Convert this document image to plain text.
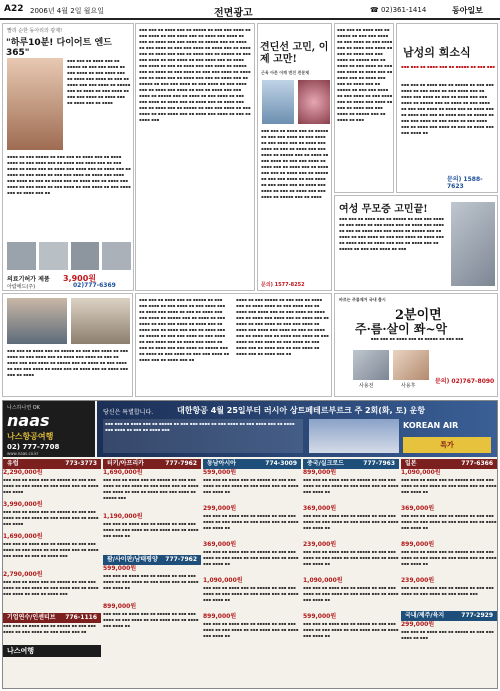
A22 2006년 4월 2일 월요일	전면광고	☎ 02)361-1414	동아일보
빨리 순한 동아리의 광제!
"하루10분! 다이어트 엔드365"
▪▪▪ ▪▪▪ ▪▪ ▪▪▪▪ ▪▪▪ ▪▪ ▪▪▪▪▪ ▪▪ ▪▪▪ ▪▪▪ ▪▪▪▪ ▪▪ ▪▪▪ ▪▪▪▪ ▪▪ ▪▪▪ ▪▪▪▪ ▪▪▪ ▪▪ ▪▪▪▪ ▪▪▪ ▪▪▪▪ ▪▪ ▪▪▪ ▪▪ ▪▪▪▪ ▪▪▪ ▪▪▪ ▪▪▪▪ ▪▪ ▪▪▪▪▪ ▪▪▪ ▪▪ ▪▪▪▪ ▪▪ ▪▪▪ ▪▪▪▪ ▪▪ ▪▪▪ ▪▪▪ ▪▪▪▪ ▪▪ ▪▪▪▪ ▪▪▪ ▪▪ ▪▪▪▪ ▪▪▪ ▪▪ ▪▪▪▪
▪▪▪▪ ▪▪ ▪▪▪ ▪▪▪▪▪ ▪▪ ▪▪▪ ▪▪▪ ▪▪ ▪▪▪▪ ▪▪▪ ▪▪ ▪▪▪▪ ▪▪▪▪ ▪▪ ▪▪▪ ▪▪▪▪ ▪▪▪ ▪▪ ▪▪▪▪ ▪▪▪ ▪▪▪▪ ▪▪▪ ▪▪ ▪▪▪ ▪▪▪▪ ▪▪ ▪▪▪▪ ▪▪▪ ▪▪ ▪▪▪▪ ▪▪▪ ▪▪▪▪ ▪▪▪ ▪▪ ▪▪▪▪ ▪▪▪ ▪▪ ▪▪▪▪ ▪▪ ▪▪▪ ▪▪▪▪ ▪▪ ▪▪▪ ▪▪▪ ▪▪▪▪ ▪▪ ▪▪▪▪ ▪▪▪ ▪▪▪▪ ▪▪▪ ▪▪▪▪ ▪▪ ▪▪▪ ▪▪ ▪▪▪▪ ▪▪▪ ▪▪ ▪▪▪▪ ▪▪▪ ▪▪ ▪▪▪▪ ▪▪▪ ▪▪▪▪ ▪▪ ▪▪▪ ▪▪▪▪ ▪▪ ▪▪▪ ▪▪▪▪ ▪▪ ▪▪▪ ▪▪▪▪ ▪▪ ▪▪▪ ▪▪▪▪ ▪▪▪ ▪▪ ▪▪▪▪ ▪▪▪ ▪▪
의료기허가 제품 3,900원
아람에드(주)	02)777-6369
▪▪▪ ▪▪▪ ▪▪ ▪▪▪▪ ▪▪▪ ▪▪ ▪▪▪▪▪ ▪▪ ▪▪▪ ▪▪▪ ▪▪▪▪ ▪▪ ▪▪▪ ▪▪▪▪ ▪▪ ▪▪▪ ▪▪▪▪ ▪▪▪ ▪▪ ▪▪▪▪ ▪▪▪ ▪▪▪▪ ▪▪ ▪▪▪ ▪▪ ▪▪▪▪ ▪▪▪ ▪▪▪ ▪▪▪▪ ▪▪ ▪▪▪▪▪ ▪▪▪ ▪▪ ▪▪▪▪ ▪▪ ▪▪▪ ▪▪▪▪ ▪▪ ▪▪▪ ▪▪▪ ▪▪▪▪ ▪▪ ▪▪▪▪ ▪▪▪ ▪▪ ▪▪▪▪ ▪▪▪ ▪▪ ▪▪▪▪ ▪▪▪ ▪▪▪ ▪▪ ▪▪▪▪ ▪▪▪ ▪▪ ▪▪▪▪▪ ▪▪ ▪▪▪ ▪▪▪ ▪▪▪▪ ▪▪ ▪▪▪ ▪▪▪▪ ▪▪ ▪▪▪ ▪▪▪▪ ▪▪▪ ▪▪ ▪▪▪▪ ▪▪▪ ▪▪▪▪ ▪▪ ▪▪▪ ▪▪ ▪▪▪▪ ▪▪▪ ▪▪▪ ▪▪▪▪ ▪▪ ▪▪▪▪▪ ▪▪▪ ▪▪ ▪▪▪▪ ▪▪ ▪▪▪ ▪▪▪▪ ▪▪ ▪▪▪ ▪▪▪ ▪▪▪▪ ▪▪ ▪▪▪▪ ▪▪▪ ▪▪ ▪▪▪▪ ▪▪▪ ▪▪ ▪▪▪▪ ▪▪▪ ▪▪▪ ▪▪ ▪▪▪▪ ▪▪▪ ▪▪ ▪▪▪▪▪ ▪▪ ▪▪▪ ▪▪▪ ▪▪▪▪ ▪▪ ▪▪▪ ▪▪▪▪ ▪▪ ▪▪▪ ▪▪▪▪ ▪▪▪ ▪▪ ▪▪▪▪ ▪▪▪ ▪▪▪▪ ▪▪ ▪▪▪ ▪▪ ▪▪▪▪ ▪▪▪ ▪▪▪ ▪▪▪▪ ▪▪ ▪▪▪▪▪ ▪▪▪ ▪▪ ▪▪▪▪ ▪▪ ▪▪▪ ▪▪▪▪ ▪▪ ▪▪▪ ▪▪▪ ▪▪▪▪ ▪▪ ▪▪▪▪ ▪▪▪ ▪▪ ▪▪▪▪ ▪▪▪ ▪▪ ▪▪▪▪ ▪▪▪ ▪▪▪ ▪▪ ▪▪▪▪ ▪▪▪ ▪▪ ▪▪▪▪▪ ▪▪ ▪▪▪ ▪▪▪ ▪▪▪▪ ▪▪ ▪▪▪ ▪▪▪▪ ▪▪ ▪▪▪ ▪▪▪▪ ▪▪▪ ▪▪ ▪▪▪▪ ▪▪▪ ▪▪▪▪ ▪▪ ▪▪▪ ▪▪ ▪▪▪▪ ▪▪▪
견딘선 고민, 이제 고만!
근육 아픈 어깨 엔진 전문제
▪▪▪ ▪▪▪ ▪▪ ▪▪▪▪ ▪▪▪ ▪▪ ▪▪▪▪▪ ▪▪ ▪▪▪ ▪▪▪ ▪▪▪▪ ▪▪ ▪▪▪ ▪▪▪▪ ▪▪ ▪▪▪ ▪▪▪▪ ▪▪▪ ▪▪ ▪▪▪▪ ▪▪▪ ▪▪▪▪ ▪▪ ▪▪▪ ▪▪ ▪▪▪▪ ▪▪▪ ▪▪▪ ▪▪▪▪ ▪▪ ▪▪▪▪▪ ▪▪▪ ▪▪ ▪▪▪▪ ▪▪ ▪▪▪ ▪▪▪▪ ▪▪ ▪▪▪ ▪▪▪ ▪▪▪▪ ▪▪ ▪▪▪▪ ▪▪▪ ▪▪ ▪▪▪▪ ▪▪▪ ▪▪ ▪▪▪▪ ▪▪▪ ▪▪▪ ▪▪ ▪▪▪▪ ▪▪▪ ▪▪ ▪▪▪▪▪ ▪▪ ▪▪▪ ▪▪▪ ▪▪▪▪ ▪▪ ▪▪▪ ▪▪▪▪ ▪▪ ▪▪▪ ▪▪▪▪ ▪▪▪ ▪▪ ▪▪▪▪ ▪▪▪ ▪▪▪▪ ▪▪ ▪▪▪ ▪▪ ▪▪▪▪ ▪▪▪ ▪▪▪ ▪▪▪▪ ▪▪ ▪▪▪▪▪ ▪▪▪ ▪▪ ▪▪▪▪
문의) 1577-8252
▪▪▪ ▪▪▪ ▪▪ ▪▪▪▪ ▪▪▪ ▪▪ ▪▪▪▪▪ ▪▪ ▪▪▪ ▪▪▪ ▪▪▪▪ ▪▪ ▪▪▪ ▪▪▪▪ ▪▪ ▪▪▪ ▪▪▪▪ ▪▪▪ ▪▪ ▪▪▪▪ ▪▪▪ ▪▪▪▪ ▪▪ ▪▪▪ ▪▪ ▪▪▪▪ ▪▪▪ ▪▪▪ ▪▪▪▪ ▪▪ ▪▪▪▪▪ ▪▪▪ ▪▪ ▪▪▪▪ ▪▪ ▪▪▪ ▪▪▪▪ ▪▪ ▪▪▪ ▪▪▪ ▪▪▪▪ ▪▪ ▪▪▪▪ ▪▪▪ ▪▪ ▪▪▪▪ ▪▪▪ ▪▪ ▪▪▪▪ ▪▪▪ ▪▪▪ ▪▪ ▪▪▪▪ ▪▪▪ ▪▪ ▪▪▪▪▪ ▪▪ ▪▪▪ ▪▪▪ ▪▪▪▪ ▪▪ ▪▪▪ ▪▪▪▪ ▪▪ ▪▪▪ ▪▪▪▪ ▪▪▪ ▪▪ ▪▪▪▪ ▪▪▪ ▪▪▪▪ ▪▪ ▪▪▪ ▪▪ ▪▪▪▪ ▪▪▪ ▪▪▪ ▪▪▪▪ ▪▪ ▪▪▪▪▪ ▪▪▪ ▪▪ ▪▪▪▪ ▪▪ ▪▪▪
남성의 희소식
▪▪▪ ▪▪▪ ▪▪ ▪▪▪▪ ▪▪▪ ▪▪ ▪▪▪▪▪ ▪▪ ▪▪▪ ▪▪▪
▪▪▪ ▪▪▪ ▪▪ ▪▪▪▪ ▪▪▪ ▪▪ ▪▪▪▪▪ ▪▪ ▪▪▪ ▪▪▪ ▪▪▪▪ ▪▪ ▪▪▪ ▪▪▪▪ ▪▪ ▪▪▪ ▪▪▪▪ ▪▪▪ ▪▪ ▪▪▪▪ ▪▪▪ ▪▪▪▪ ▪▪ ▪▪▪ ▪▪ ▪▪▪▪ ▪▪▪ ▪▪▪ ▪▪▪▪ ▪▪ ▪▪▪▪▪ ▪▪▪ ▪▪ ▪▪▪▪ ▪▪ ▪▪▪ ▪▪▪▪ ▪▪ ▪▪▪ ▪▪▪ ▪▪▪▪ ▪▪ ▪▪▪▪ ▪▪▪ ▪▪ ▪▪▪▪ ▪▪▪ ▪▪ ▪▪▪▪ ▪▪▪ ▪▪▪ ▪▪ ▪▪▪▪ ▪▪▪ ▪▪ ▪▪▪▪▪ ▪▪ ▪▪▪ ▪▪▪ ▪▪▪▪ ▪▪ ▪▪▪ ▪▪▪▪ ▪▪ ▪▪▪ ▪▪▪▪ ▪▪▪ ▪▪ ▪▪▪▪ ▪▪▪ ▪▪▪▪ ▪▪ ▪▪▪ ▪▪ ▪▪▪▪ ▪▪▪ ▪▪▪ ▪▪▪▪ ▪▪
문의) 1588-7623
여성 무모증 고민끝!
▪▪▪ ▪▪▪ ▪▪ ▪▪▪▪ ▪▪▪ ▪▪ ▪▪▪▪▪ ▪▪ ▪▪▪ ▪▪▪ ▪▪▪▪ ▪▪ ▪▪▪ ▪▪▪▪ ▪▪ ▪▪▪ ▪▪▪▪ ▪▪▪ ▪▪ ▪▪▪▪ ▪▪▪ ▪▪▪▪ ▪▪ ▪▪▪ ▪▪ ▪▪▪▪ ▪▪▪ ▪▪▪ ▪▪▪▪ ▪▪ ▪▪▪▪▪ ▪▪▪ ▪▪ ▪▪▪▪ ▪▪ ▪▪▪ ▪▪▪▪ ▪▪ ▪▪▪ ▪▪▪ ▪▪▪▪ ▪▪ ▪▪▪▪ ▪▪▪ ▪▪ ▪▪▪▪ ▪▪▪ ▪▪ ▪▪▪▪ ▪▪▪ ▪▪▪ ▪▪ ▪▪▪▪ ▪▪▪ ▪▪ ▪▪▪▪▪ ▪▪ ▪▪▪ ▪▪▪ ▪▪▪▪ ▪▪ ▪▪▪
바르는 주름제거 국내 출시
2분이면
주·름·살이 쫘~악
▪▪▪ ▪▪▪ ▪▪ ▪▪▪▪ ▪▪▪ ▪▪ ▪▪▪▪▪ ▪▪ ▪▪▪ ▪▪▪
사용전	사용후
문의) 02)767-8090
▪▪▪ ▪▪▪ ▪▪ ▪▪▪▪ ▪▪▪ ▪▪ ▪▪▪▪▪ ▪▪ ▪▪▪ ▪▪▪ ▪▪▪▪ ▪▪ ▪▪▪ ▪▪▪▪ ▪▪ ▪▪▪ ▪▪▪▪ ▪▪▪ ▪▪ ▪▪▪▪ ▪▪▪ ▪▪▪▪ ▪▪ ▪▪▪ ▪▪ ▪▪▪▪ ▪▪▪ ▪▪▪ ▪▪▪▪ ▪▪ ▪▪▪▪▪ ▪▪▪ ▪▪ ▪▪▪▪ ▪▪ ▪▪▪ ▪▪▪▪ ▪▪ ▪▪▪ ▪▪▪ ▪▪▪▪ ▪▪ ▪▪▪▪ ▪▪▪ ▪▪ ▪▪▪▪ ▪▪▪ ▪▪ ▪▪▪▪ ▪▪▪ ▪▪▪ ▪▪ ▪▪▪▪ ▪▪▪ ▪▪ ▪▪▪▪▪ ▪▪ ▪▪▪ ▪▪▪ ▪▪▪▪ ▪▪ ▪▪▪ ▪▪▪▪ ▪▪ ▪▪▪ ▪▪▪▪ ▪▪▪ ▪▪ ▪▪▪▪ ▪▪▪ ▪▪▪▪ ▪▪ ▪▪▪ ▪▪ ▪▪▪▪ ▪▪▪ ▪▪▪ ▪▪▪▪ ▪▪ ▪▪▪▪▪ ▪▪▪ ▪▪ ▪▪▪▪ ▪▪ ▪▪▪ ▪▪▪▪ ▪▪ ▪▪▪ ▪▪▪ ▪▪▪▪ ▪▪ ▪▪▪▪ ▪▪▪ ▪▪ ▪▪▪▪ ▪▪▪ ▪▪
▪▪▪▪ ▪▪ ▪▪▪ ▪▪▪▪▪ ▪▪ ▪▪▪ ▪▪▪ ▪▪ ▪▪▪▪ ▪▪▪ ▪▪ ▪▪▪▪ ▪▪▪▪ ▪▪ ▪▪▪ ▪▪▪▪ ▪▪▪ ▪▪ ▪▪▪▪ ▪▪▪ ▪▪▪▪ ▪▪▪ ▪▪ ▪▪▪ ▪▪▪▪ ▪▪ ▪▪▪▪ ▪▪▪ ▪▪ ▪▪▪▪ ▪▪▪ ▪▪▪▪ ▪▪▪ ▪▪ ▪▪▪▪ ▪▪▪ ▪▪ ▪▪▪▪ ▪▪ ▪▪▪ ▪▪▪▪ ▪▪ ▪▪▪ ▪▪▪ ▪▪▪▪ ▪▪ ▪▪▪▪ ▪▪▪ ▪▪▪▪ ▪▪▪ ▪▪▪▪ ▪▪ ▪▪▪ ▪▪ ▪▪▪▪ ▪▪▪ ▪▪ ▪▪▪▪ ▪▪▪ ▪▪ ▪▪▪▪ ▪▪▪ ▪▪▪▪ ▪▪ ▪▪▪ ▪▪▪▪ ▪▪ ▪▪▪ ▪▪▪▪ ▪▪ ▪▪▪ ▪▪▪▪ ▪▪ ▪▪▪ ▪▪▪▪ ▪▪▪ ▪▪ ▪▪▪▪ ▪▪▪ ▪▪ ▪▪▪ ▪▪▪▪ ▪▪ ▪▪▪▪ ▪▪▪ ▪▪ ▪▪▪▪ ▪▪▪ ▪▪
▪▪▪ ▪▪▪ ▪▪ ▪▪▪▪ ▪▪▪ ▪▪ ▪▪▪▪▪ ▪▪ ▪▪▪ ▪▪▪ ▪▪▪▪ ▪▪ ▪▪▪ ▪▪▪▪ ▪▪ ▪▪▪ ▪▪▪▪ ▪▪▪ ▪▪ ▪▪▪▪ ▪▪▪ ▪▪▪▪ ▪▪ ▪▪▪ ▪▪ ▪▪▪▪ ▪▪▪ ▪▪▪ ▪▪▪▪ ▪▪ ▪▪▪▪▪ ▪▪▪ ▪▪ ▪▪▪▪ ▪▪ ▪▪▪ ▪▪▪▪ ▪▪ ▪▪▪ ▪▪▪ ▪▪▪▪ ▪▪ ▪▪▪▪ ▪▪▪ ▪▪ ▪▪▪▪ ▪▪▪ ▪▪ ▪▪▪▪ ▪▪▪ ▪▪▪ ▪▪ ▪▪▪▪
나스하나면 OK
naas
나스항공여행
02) 777-7708
www.naas.co.kr
당신은 특별합니다.	대한항공 4월 25일부터 러시아 상트페테르부르크 주 2회(화, 토) 운항
▪▪▪ ▪▪▪ ▪▪ ▪▪▪▪ ▪▪▪ ▪▪ ▪▪▪▪▪ ▪▪ ▪▪▪ ▪▪▪ ▪▪▪▪ ▪▪ ▪▪▪ ▪▪▪▪ ▪▪ ▪▪▪ ▪▪▪▪ ▪▪▪ ▪▪ ▪▪▪▪ ▪▪▪ ▪▪▪▪ ▪▪ ▪▪▪ ▪▪ ▪▪▪▪ ▪▪▪	KOREAN AIR
특가
유럽	773-3773
2,290,000원
▪▪▪ ▪▪▪ ▪▪ ▪▪▪▪ ▪▪▪ ▪▪ ▪▪▪▪▪ ▪▪ ▪▪▪ ▪▪▪ ▪▪▪▪ ▪▪ ▪▪▪ ▪▪▪▪ ▪▪ ▪▪▪ ▪▪▪▪ ▪▪▪ ▪▪ ▪▪▪▪ ▪▪▪ ▪▪▪▪
3,990,000원
▪▪▪ ▪▪▪ ▪▪ ▪▪▪▪ ▪▪▪ ▪▪ ▪▪▪▪▪ ▪▪ ▪▪▪ ▪▪▪ ▪▪▪▪ ▪▪ ▪▪▪ ▪▪▪▪ ▪▪ ▪▪▪ ▪▪▪▪ ▪▪▪ ▪▪ ▪▪▪▪ ▪▪▪ ▪▪▪▪
1,690,000원
▪▪▪ ▪▪▪ ▪▪ ▪▪▪▪ ▪▪▪ ▪▪ ▪▪▪▪▪ ▪▪ ▪▪▪ ▪▪▪ ▪▪▪▪ ▪▪ ▪▪▪ ▪▪▪▪ ▪▪ ▪▪▪ ▪▪▪▪ ▪▪▪ ▪▪ ▪▪▪▪ ▪▪▪ ▪▪▪▪ ▪▪ ▪▪▪ ▪▪ ▪▪▪▪ ▪▪▪
2,790,000원
▪▪▪ ▪▪▪ ▪▪ ▪▪▪▪ ▪▪▪ ▪▪ ▪▪▪▪▪ ▪▪ ▪▪▪ ▪▪▪ ▪▪▪▪ ▪▪ ▪▪▪ ▪▪▪▪ ▪▪ ▪▪▪ ▪▪▪▪ ▪▪▪ ▪▪ ▪▪▪▪ ▪▪▪ ▪▪▪▪ ▪▪ ▪▪▪ ▪▪ ▪▪▪▪ ▪▪▪
기업연수/인센티브 776-1116
▪▪▪ ▪▪▪ ▪▪ ▪▪▪▪ ▪▪▪ ▪▪ ▪▪▪▪▪ ▪▪ ▪▪▪ ▪▪▪ ▪▪▪▪ ▪▪ ▪▪▪ ▪▪▪▪ ▪▪ ▪▪▪ ▪▪▪▪ ▪▪▪ ▪▪
나스여행
터키/아프리카	777-7962
1,690,000원
▪▪▪ ▪▪▪ ▪▪ ▪▪▪▪ ▪▪▪ ▪▪ ▪▪▪▪▪ ▪▪ ▪▪▪ ▪▪▪ ▪▪▪▪ ▪▪ ▪▪▪ ▪▪▪▪ ▪▪ ▪▪▪ ▪▪▪▪ ▪▪▪ ▪▪ ▪▪▪▪ ▪▪▪ ▪▪▪▪ ▪▪ ▪▪▪ ▪▪ ▪▪▪▪ ▪▪▪ ▪▪▪ ▪▪▪▪ ▪▪ ▪▪▪▪▪ ▪▪▪
1,190,000원
▪▪▪ ▪▪▪ ▪▪ ▪▪▪▪ ▪▪▪ ▪▪ ▪▪▪▪▪ ▪▪ ▪▪▪ ▪▪▪ ▪▪▪▪ ▪▪ ▪▪▪ ▪▪▪▪ ▪▪ ▪▪▪ ▪▪▪▪ ▪▪▪ ▪▪ ▪▪▪▪ ▪▪▪ ▪▪▪▪ ▪▪
괌/사이판/남태평양 777-7962
599,000원
▪▪▪ ▪▪▪ ▪▪ ▪▪▪▪ ▪▪▪ ▪▪ ▪▪▪▪▪ ▪▪ ▪▪▪ ▪▪▪ ▪▪▪▪ ▪▪ ▪▪▪ ▪▪▪▪ ▪▪ ▪▪▪ ▪▪▪▪ ▪▪▪ ▪▪ ▪▪▪▪ ▪▪▪ ▪▪▪▪ ▪▪
899,000원
▪▪▪ ▪▪▪ ▪▪ ▪▪▪▪ ▪▪▪ ▪▪ ▪▪▪▪▪ ▪▪ ▪▪▪ ▪▪▪ ▪▪▪▪ ▪▪ ▪▪▪ ▪▪▪▪ ▪▪ ▪▪▪ ▪▪▪▪ ▪▪▪ ▪▪ ▪▪▪▪ ▪▪▪ ▪▪▪▪ ▪▪
동남아시아	774-3009
599,000원
▪▪▪ ▪▪▪ ▪▪ ▪▪▪▪ ▪▪▪ ▪▪ ▪▪▪▪▪ ▪▪ ▪▪▪ ▪▪▪ ▪▪▪▪ ▪▪ ▪▪▪ ▪▪▪▪ ▪▪ ▪▪▪ ▪▪▪▪ ▪▪▪ ▪▪ ▪▪▪▪ ▪▪▪ ▪▪▪▪ ▪▪
299,000원
▪▪▪ ▪▪▪ ▪▪ ▪▪▪▪ ▪▪▪ ▪▪ ▪▪▪▪▪ ▪▪ ▪▪▪ ▪▪▪ ▪▪▪▪ ▪▪ ▪▪▪ ▪▪▪▪ ▪▪ ▪▪▪ ▪▪▪▪ ▪▪▪ ▪▪ ▪▪▪▪ ▪▪▪ ▪▪▪▪ ▪▪
369,000원
▪▪▪ ▪▪▪ ▪▪ ▪▪▪▪ ▪▪▪ ▪▪ ▪▪▪▪▪ ▪▪ ▪▪▪ ▪▪▪ ▪▪▪▪ ▪▪ ▪▪▪ ▪▪▪▪ ▪▪ ▪▪▪ ▪▪▪▪ ▪▪▪ ▪▪ ▪▪▪▪ ▪▪▪ ▪▪▪▪ ▪▪
1,090,000원
▪▪▪ ▪▪▪ ▪▪ ▪▪▪▪ ▪▪▪ ▪▪ ▪▪▪▪▪ ▪▪ ▪▪▪ ▪▪▪ ▪▪▪▪ ▪▪ ▪▪▪ ▪▪▪▪ ▪▪ ▪▪▪ ▪▪▪▪ ▪▪▪ ▪▪ ▪▪▪▪ ▪▪▪ ▪▪▪▪ ▪▪
899,000원
▪▪▪ ▪▪▪ ▪▪ ▪▪▪▪ ▪▪▪ ▪▪ ▪▪▪▪▪ ▪▪ ▪▪▪ ▪▪▪ ▪▪▪▪ ▪▪ ▪▪▪ ▪▪▪▪ ▪▪ ▪▪▪ ▪▪▪▪ ▪▪▪ ▪▪ ▪▪▪▪ ▪▪▪ ▪▪▪▪ ▪▪
중국/실크로드	777-7963
899,000원
▪▪▪ ▪▪▪ ▪▪ ▪▪▪▪ ▪▪▪ ▪▪ ▪▪▪▪▪ ▪▪ ▪▪▪ ▪▪▪ ▪▪▪▪ ▪▪ ▪▪▪ ▪▪▪▪ ▪▪ ▪▪▪ ▪▪▪▪ ▪▪▪ ▪▪ ▪▪▪▪ ▪▪▪ ▪▪▪▪ ▪▪
369,000원
▪▪▪ ▪▪▪ ▪▪ ▪▪▪▪ ▪▪▪ ▪▪ ▪▪▪▪▪ ▪▪ ▪▪▪ ▪▪▪ ▪▪▪▪ ▪▪ ▪▪▪ ▪▪▪▪ ▪▪ ▪▪▪ ▪▪▪▪ ▪▪▪ ▪▪ ▪▪▪▪ ▪▪▪ ▪▪▪▪ ▪▪
239,000원
▪▪▪ ▪▪▪ ▪▪ ▪▪▪▪ ▪▪▪ ▪▪ ▪▪▪▪▪ ▪▪ ▪▪▪ ▪▪▪ ▪▪▪▪ ▪▪ ▪▪▪ ▪▪▪▪ ▪▪ ▪▪▪ ▪▪▪▪ ▪▪▪ ▪▪ ▪▪▪▪ ▪▪▪ ▪▪▪▪ ▪▪
1,090,000원
▪▪▪ ▪▪▪ ▪▪ ▪▪▪▪ ▪▪▪ ▪▪ ▪▪▪▪▪ ▪▪ ▪▪▪ ▪▪▪ ▪▪▪▪ ▪▪ ▪▪▪ ▪▪▪▪ ▪▪ ▪▪▪ ▪▪▪▪ ▪▪▪ ▪▪ ▪▪▪▪ ▪▪▪ ▪▪▪▪ ▪▪
599,000원
▪▪▪ ▪▪▪ ▪▪ ▪▪▪▪ ▪▪▪ ▪▪ ▪▪▪▪▪ ▪▪ ▪▪▪ ▪▪▪ ▪▪▪▪ ▪▪ ▪▪▪ ▪▪▪▪ ▪▪ ▪▪▪ ▪▪▪▪ ▪▪▪ ▪▪ ▪▪▪▪ ▪▪▪ ▪▪▪▪ ▪▪
일본	777-6366
1,090,000원
▪▪▪ ▪▪▪ ▪▪ ▪▪▪▪ ▪▪▪ ▪▪ ▪▪▪▪▪ ▪▪ ▪▪▪ ▪▪▪ ▪▪▪▪ ▪▪ ▪▪▪ ▪▪▪▪ ▪▪ ▪▪▪ ▪▪▪▪ ▪▪▪ ▪▪ ▪▪▪▪ ▪▪▪ ▪▪▪▪ ▪▪
369,000원
▪▪▪ ▪▪▪ ▪▪ ▪▪▪▪ ▪▪▪ ▪▪ ▪▪▪▪▪ ▪▪ ▪▪▪ ▪▪▪ ▪▪▪▪ ▪▪ ▪▪▪ ▪▪▪▪ ▪▪ ▪▪▪ ▪▪▪▪ ▪▪▪ ▪▪ ▪▪▪▪ ▪▪▪ ▪▪▪▪ ▪▪
899,000원
▪▪▪ ▪▪▪ ▪▪ ▪▪▪▪ ▪▪▪ ▪▪ ▪▪▪▪▪ ▪▪ ▪▪▪ ▪▪▪ ▪▪▪▪ ▪▪ ▪▪▪ ▪▪▪▪ ▪▪ ▪▪▪ ▪▪▪▪ ▪▪▪ ▪▪ ▪▪▪▪ ▪▪▪ ▪▪▪▪ ▪▪
239,000원
▪▪▪ ▪▪▪ ▪▪ ▪▪▪▪ ▪▪▪ ▪▪ ▪▪▪▪▪ ▪▪ ▪▪▪ ▪▪▪ ▪▪▪▪ ▪▪ ▪▪▪ ▪▪▪▪ ▪▪ ▪▪▪ ▪▪▪▪ ▪▪▪
국내/제주/육지	777-2929
299,000원
▪▪▪ ▪▪▪ ▪▪ ▪▪▪▪ ▪▪▪ ▪▪ ▪▪▪▪▪ ▪▪ ▪▪▪ ▪▪▪ ▪▪▪▪ ▪▪ ▪▪▪
